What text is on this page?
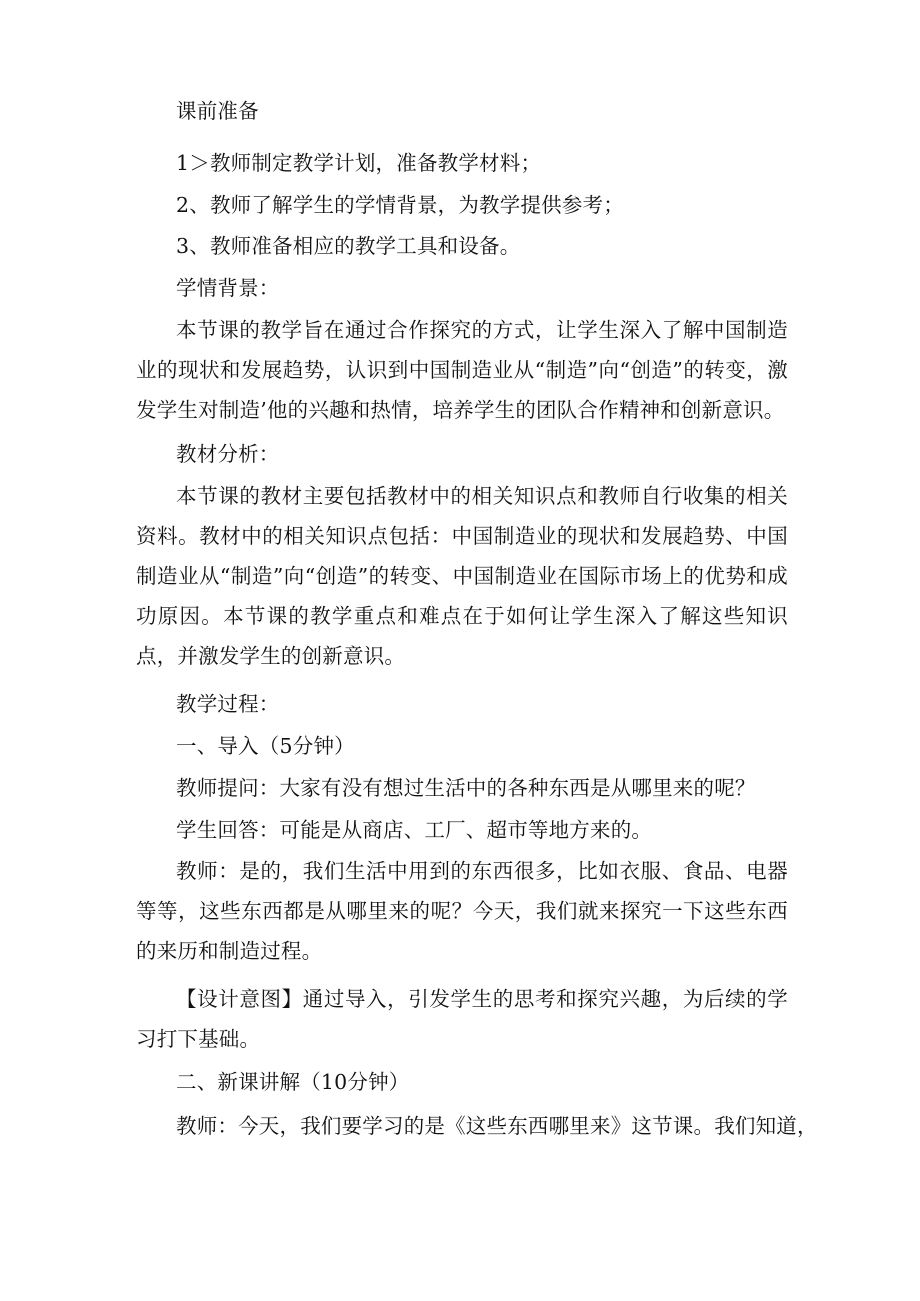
课前准备

1＞教师制定教学计划，准备教学材料；

2、教师了解学生的学情背景，为教学提供参考；

3、教师准备相应的教学工具和设备。

学情背景：

本节课的教学旨在通过合作探究的方式，让学生深入了解中国制造业的现状和发展趋势，认识到中国制造业从“制造”向“创造”的转变，激发学生对制造’他的兴趣和热情，培养学生的团队合作精神和创新意识。

教材分析：

本节课的教材主要包括教材中的相关知识点和教师自行收集的相关资料。教材中的相关知识点包括：中国制造业的现状和发展趋势、中国制造业从“制造”向“创造”的转变、中国制造业在国际市场上的优势和成功原因。本节课的教学重点和难点在于如何让学生深入了解这些知识点，并激发学生的创新意识。

教学过程：

一、导入（5分钟）

教师提问：大家有没有想过生活中的各种东西是从哪里来的呢？

学生回答：可能是从商店、工厂、超市等地方来的。

教师：是的，我们生活中用到的东西很多，比如衣服、食品、电器等等，这些东西都是从哪里来的呢？今天，我们就来探究一下这些东西的来历和制造过程。

【设计意图】通过导入，引发学生的思考和探究兴趣，为后续的学习打下基础。

二、新课讲解（10分钟）

教师：今天，我们要学习的是《这些东西哪里来》这节课。我们知道，
